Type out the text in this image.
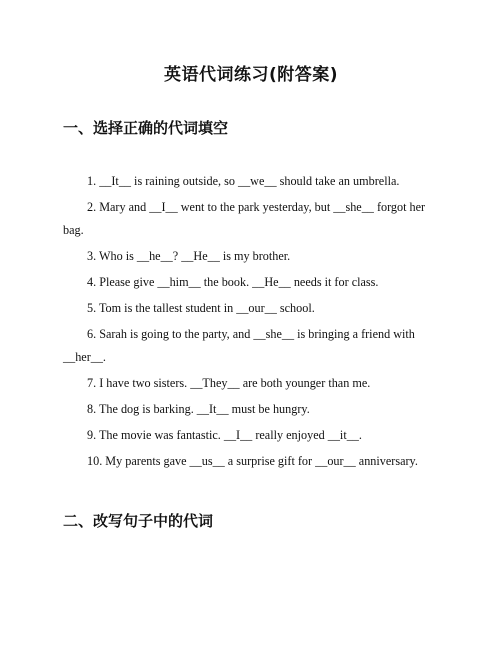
英语代词练习(附答案)
一、选择正确的代词填空
1. __It__ is raining outside, so __we__ should take an umbrella.
2. Mary and __I__ went to the park yesterday, but __she__ forgot her bag.
3. Who is __he__? __He__ is my brother.
4. Please give __him__ the book. __He__ needs it for class.
5. Tom is the tallest student in __our__ school.
6. Sarah is going to the party, and __she__ is bringing a friend with __her__.
7. I have two sisters. __They__ are both younger than me.
8. The dog is barking. __It__ must be hungry.
9. The movie was fantastic. __I__ really enjoyed __it__.
10. My parents gave __us__ a surprise gift for __our__ anniversary.
二、改写句子中的代词
